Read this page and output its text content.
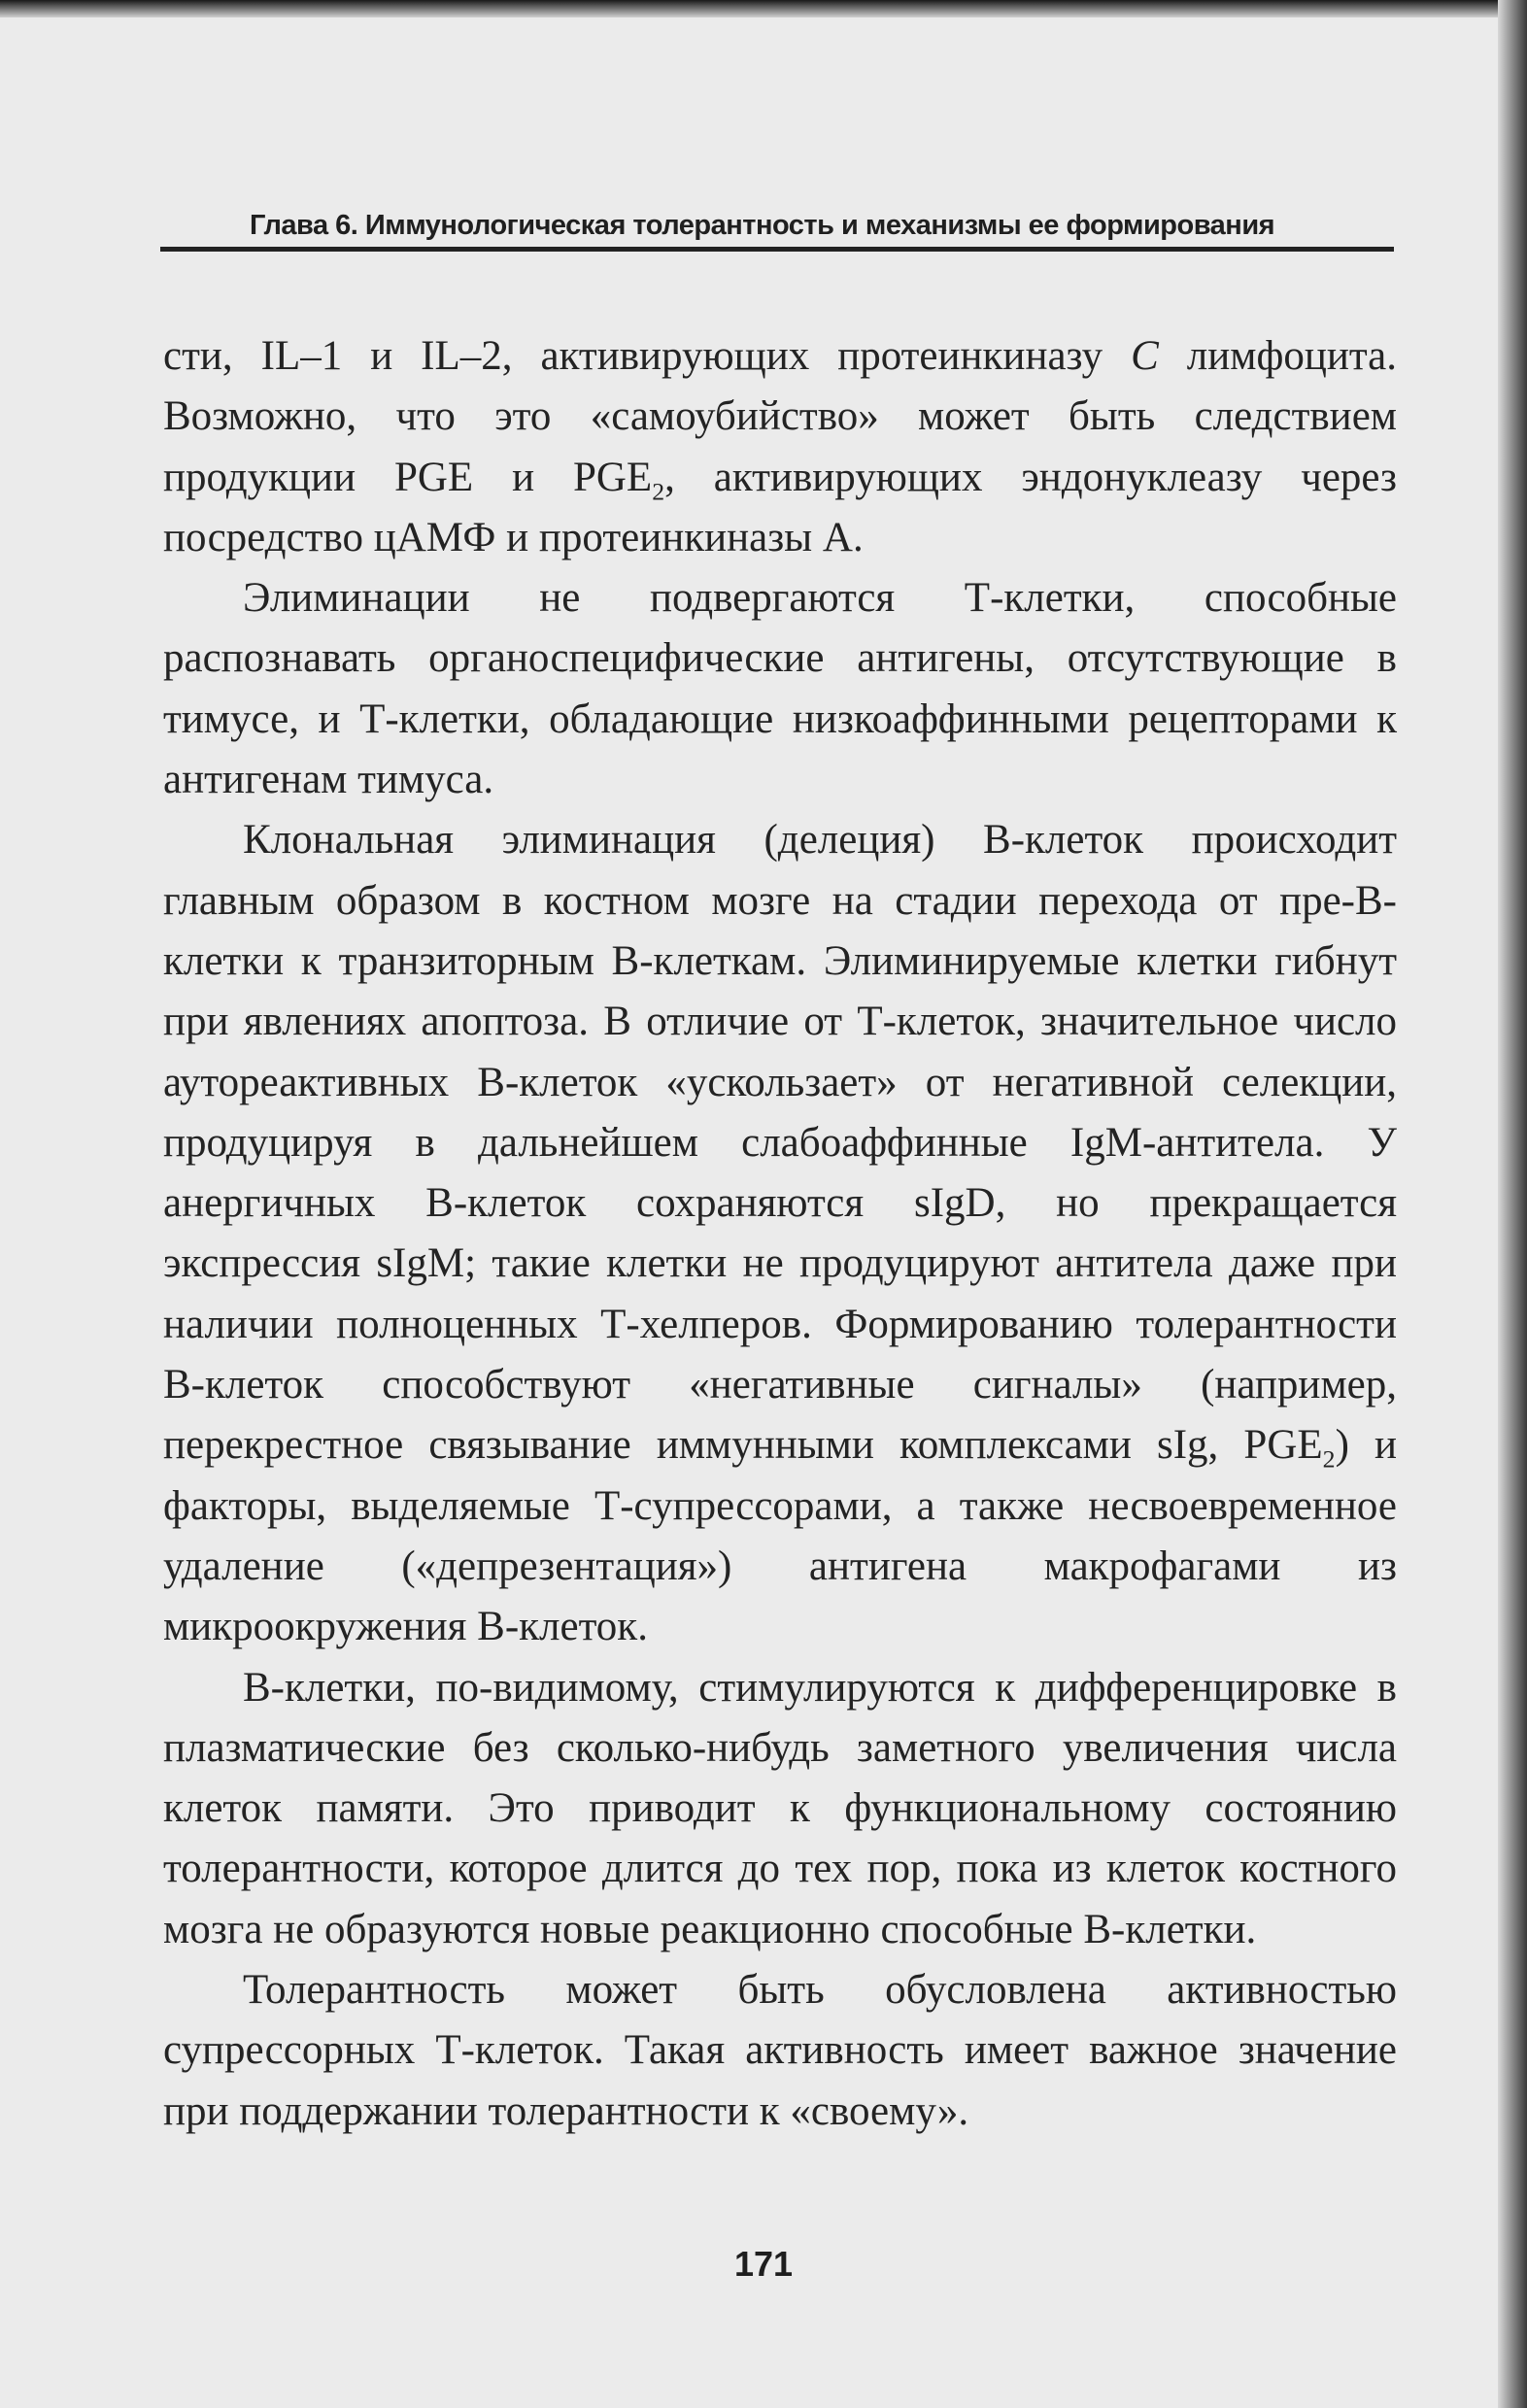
Глава 6. Иммунологическая толерантность и механизмы ее формирования

сти, IL–1 и IL–2, активирующих протеинкиназу C лимфоцита. Возможно, что это «самоубийство» может быть следствием продукции PGE и $PGE_2$, активирующих эндонуклеазу через посредство цАМФ и протеинкиназы А.

Элиминации не подвергаются Т-клетки, способные распознавать органоспецифические антигены, отсутствующие в тимусе, и Т-клетки, обладающие низкоаффинными рецепторами к антигенам тимуса.

Клональная элиминация (делеция) В-клеток происходит главным образом в костном мозге на стадии перехода от пре-В-клетки к транзиторным В-клеткам. Элиминируемые клетки гибнут при явлениях апоптоза. В отличие от Т-клеток, значительное число аутореактивных В-клеток «ускользает» от негативной селекции, продуцируя в дальнейшем слабоаффинные IgM-антитела. У анергичных В-клеток сохраняются sIgD, но прекращается экспрессия sIgM; такие клетки не продуцируют антитела даже при наличии полноценных Т-хелперов. Формированию толерантности В-клеток способствуют «негативные сигналы» (например, перекрестное связывание иммунными комплексами sIg, $PGE_2$) и факторы, выделяемые Т-супрессорами, а также несвоевременное удаление («депрезентация») антигена макрофагами из микроокружения В-клеток.

В-клетки, по-видимому, стимулируются к дифференцировке в плазматические без сколько-нибудь заметного увеличения числа клеток памяти. Это приводит к функциональному состоянию толерантности, которое длится до тех пор, пока из клеток костного мозга не образуются новые реакционно способные В-клетки.

Толерантность может быть обусловлена активностью супрессорных Т-клеток. Такая активность имеет важное значение при поддержании толерантности к «своему».

171
